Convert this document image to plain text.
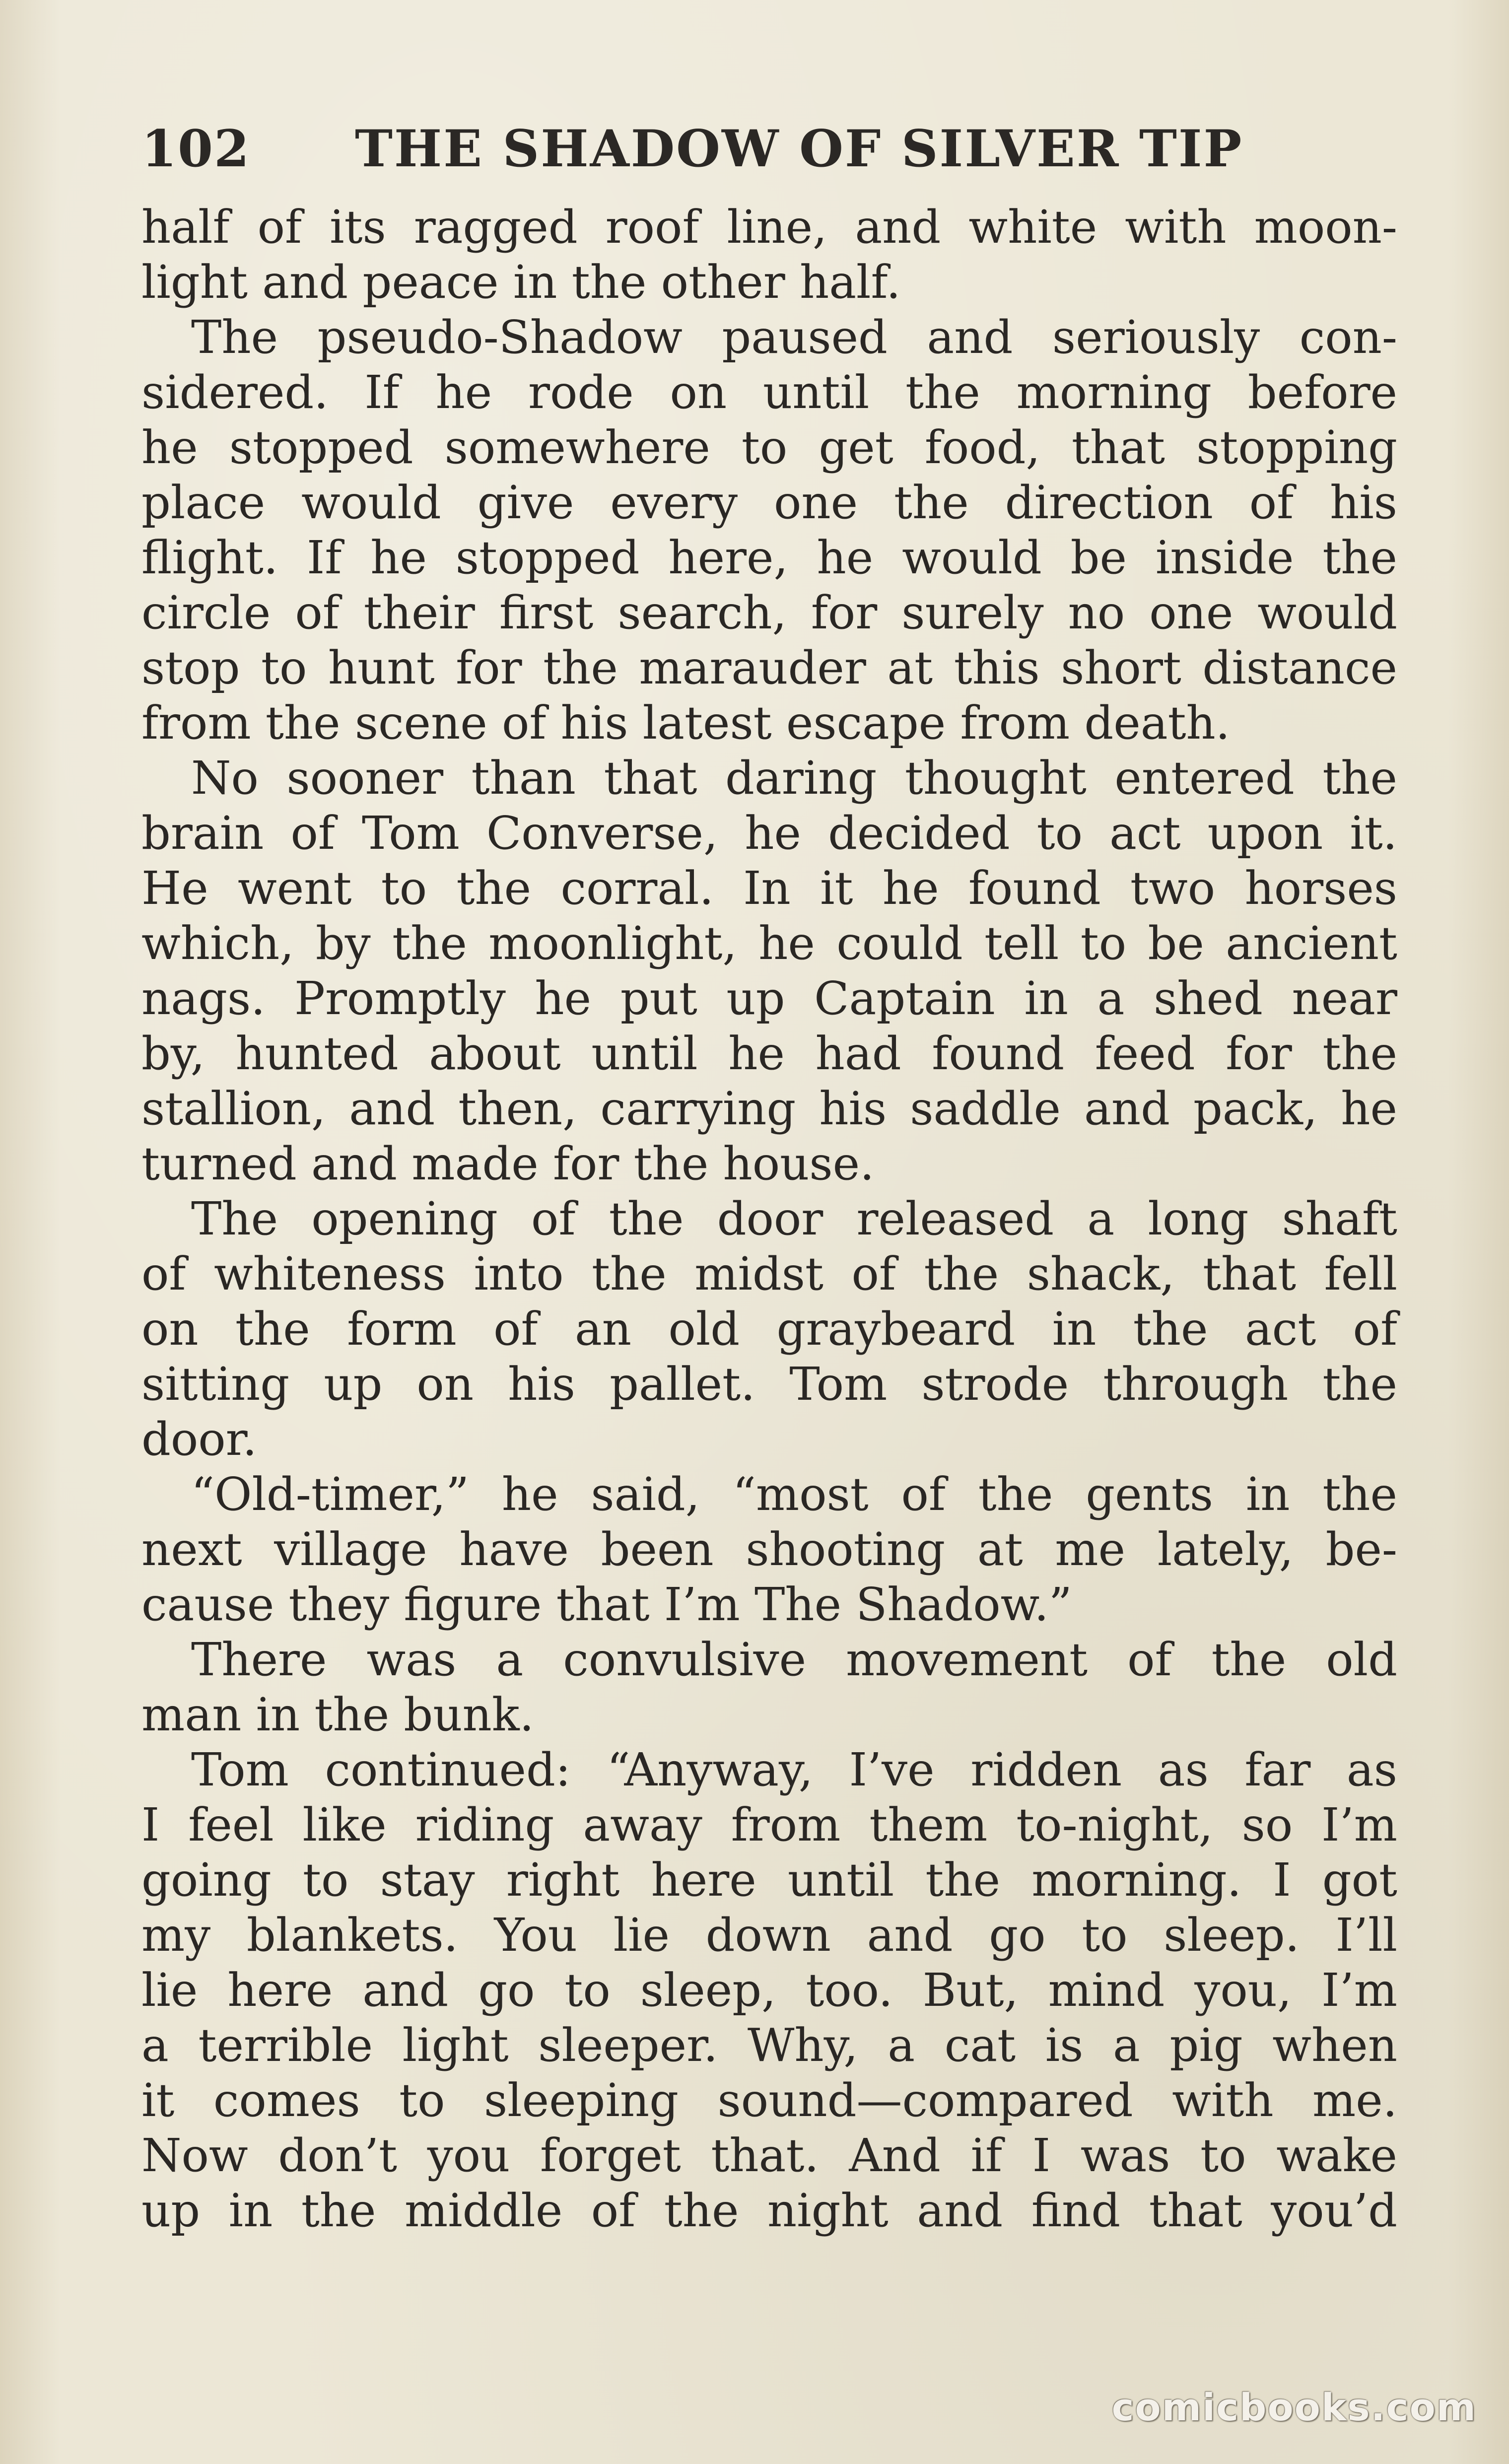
102	THE SHADOW OF SILVER TIP
half of its ragged roof line, and white with moon-
light and peace in the other half.
The pseudo-Shadow paused and seriously con-
sidered. If he rode on until the morning before
he stopped somewhere to get food, that stopping
place would give every one the direction of his
flight. If he stopped here, he would be inside the
circle of their first search, for surely no one would
stop to hunt for the marauder at this short distance
from the scene of his latest escape from death.
No sooner than that daring thought entered the
brain of Tom Converse, he decided to act upon it.
He went to the corral. In it he found two horses
which, by the moonlight, he could tell to be ancient
nags. Promptly he put up Captain in a shed near
by, hunted about until he had found feed for the
stallion, and then, carrying his saddle and pack, he
turned and made for the house.
The opening of the door released a long shaft
of whiteness into the midst of the shack, that fell
on the form of an old graybeard in the act of
sitting up on his pallet. Tom strode through the
door.
“Old-timer,” he said, “most of the gents in the
next village have been shooting at me lately, be-
cause they figure that I’m The Shadow.”
There was a convulsive movement of the old
man in the bunk.
Tom continued: “Anyway, I’ve ridden as far as
I feel like riding away from them to-night, so I’m
going to stay right here until the morning. I got
my blankets. You lie down and go to sleep. I’ll
lie here and go to sleep, too. But, mind you, I’m
a terrible light sleeper. Why, a cat is a pig when
it comes to sleeping sound—compared with me.
Now don’t you forget that. And if I was to wake
up in the middle of the night and find that you’d
comicbooks.com
